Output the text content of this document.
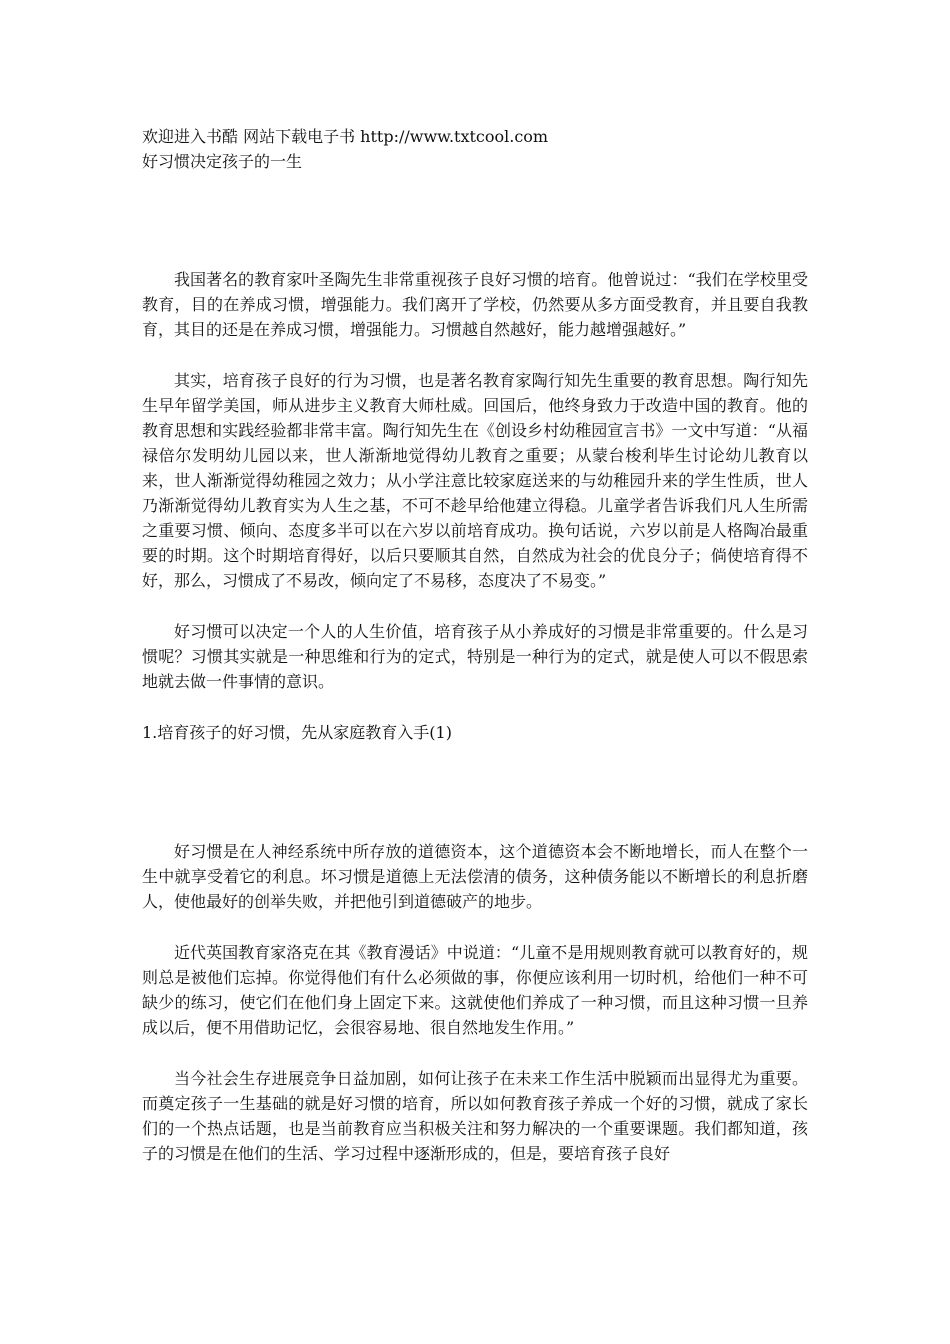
欢迎进入书酷 网站下载电子书 http://www.txtcool.com

好习惯决定孩子的一生

我国著名的教育家叶圣陶先生非常重视孩子良好习惯的培育。他曾说过：“我们在学校里受教育，目的在养成习惯，增强能力。我们离开了学校，仍然要从多方面受教育，并且要自我教育，其目的还是在养成习惯，增强能力。习惯越自然越好，能力越增强越好。”

其实，培育孩子良好的行为习惯，也是著名教育家陶行知先生重要的教育思想。陶行知先生早年留学美国，师从进步主义教育大师杜威。回国后，他终身致力于改造中国的教育。他的教育思想和实践经验都非常丰富。陶行知先生在《创设乡村幼稚园宣言书》一文中写道：“从福禄倍尔发明幼儿园以来，世人渐渐地觉得幼儿教育之重要；从蒙台梭利毕生讨论幼儿教育以来，世人渐渐觉得幼稚园之效力；从小学注意比较家庭送来的与幼稚园升来的学生性质，世人乃渐渐觉得幼儿教育实为人生之基，不可不趁早给他建立得稳。儿童学者告诉我们凡人生所需之重要习惯、倾向、态度多半可以在六岁以前培育成功。换句话说，六岁以前是人格陶冶最重要的时期。这个时期培育得好，以后只要顺其自然，自然成为社会的优良分子；倘使培育得不好，那么，习惯成了不易改，倾向定了不易移，态度决了不易变。”

好习惯可以决定一个人的人生价值，培育孩子从小养成好的习惯是非常重要的。什么是习惯呢？习惯其实就是一种思维和行为的定式，特别是一种行为的定式，就是使人可以不假思索地就去做一件事情的意识。

1.培育孩子的好习惯，先从家庭教育入手(1)

好习惯是在人神经系统中所存放的道德资本，这个道德资本会不断地增长，而人在整个一生中就享受着它的利息。坏习惯是道德上无法偿清的债务，这种债务能以不断增长的利息折磨人，使他最好的创举失败，并把他引到道德破产的地步。

近代英国教育家洛克在其《教育漫话》中说道：“儿童不是用规则教育就可以教育好的，规则总是被他们忘掉。你觉得他们有什么必须做的事，你便应该利用一切时机，给他们一种不可缺少的练习，使它们在他们身上固定下来。这就使他们养成了一种习惯，而且这种习惯一旦养成以后，便不用借助记忆，会很容易地、很自然地发生作用。”

当今社会生存进展竞争日益加剧，如何让孩子在未来工作生活中脱颖而出显得尤为重要。而奠定孩子一生基础的就是好习惯的培育，所以如何教育孩子养成一个好的习惯，就成了家长们的一个热点话题，也是当前教育应当积极关注和努力解决的一个重要课题。我们都知道，孩子的习惯是在他们的生活、学习过程中逐渐形成的，但是，要培育孩子良好
